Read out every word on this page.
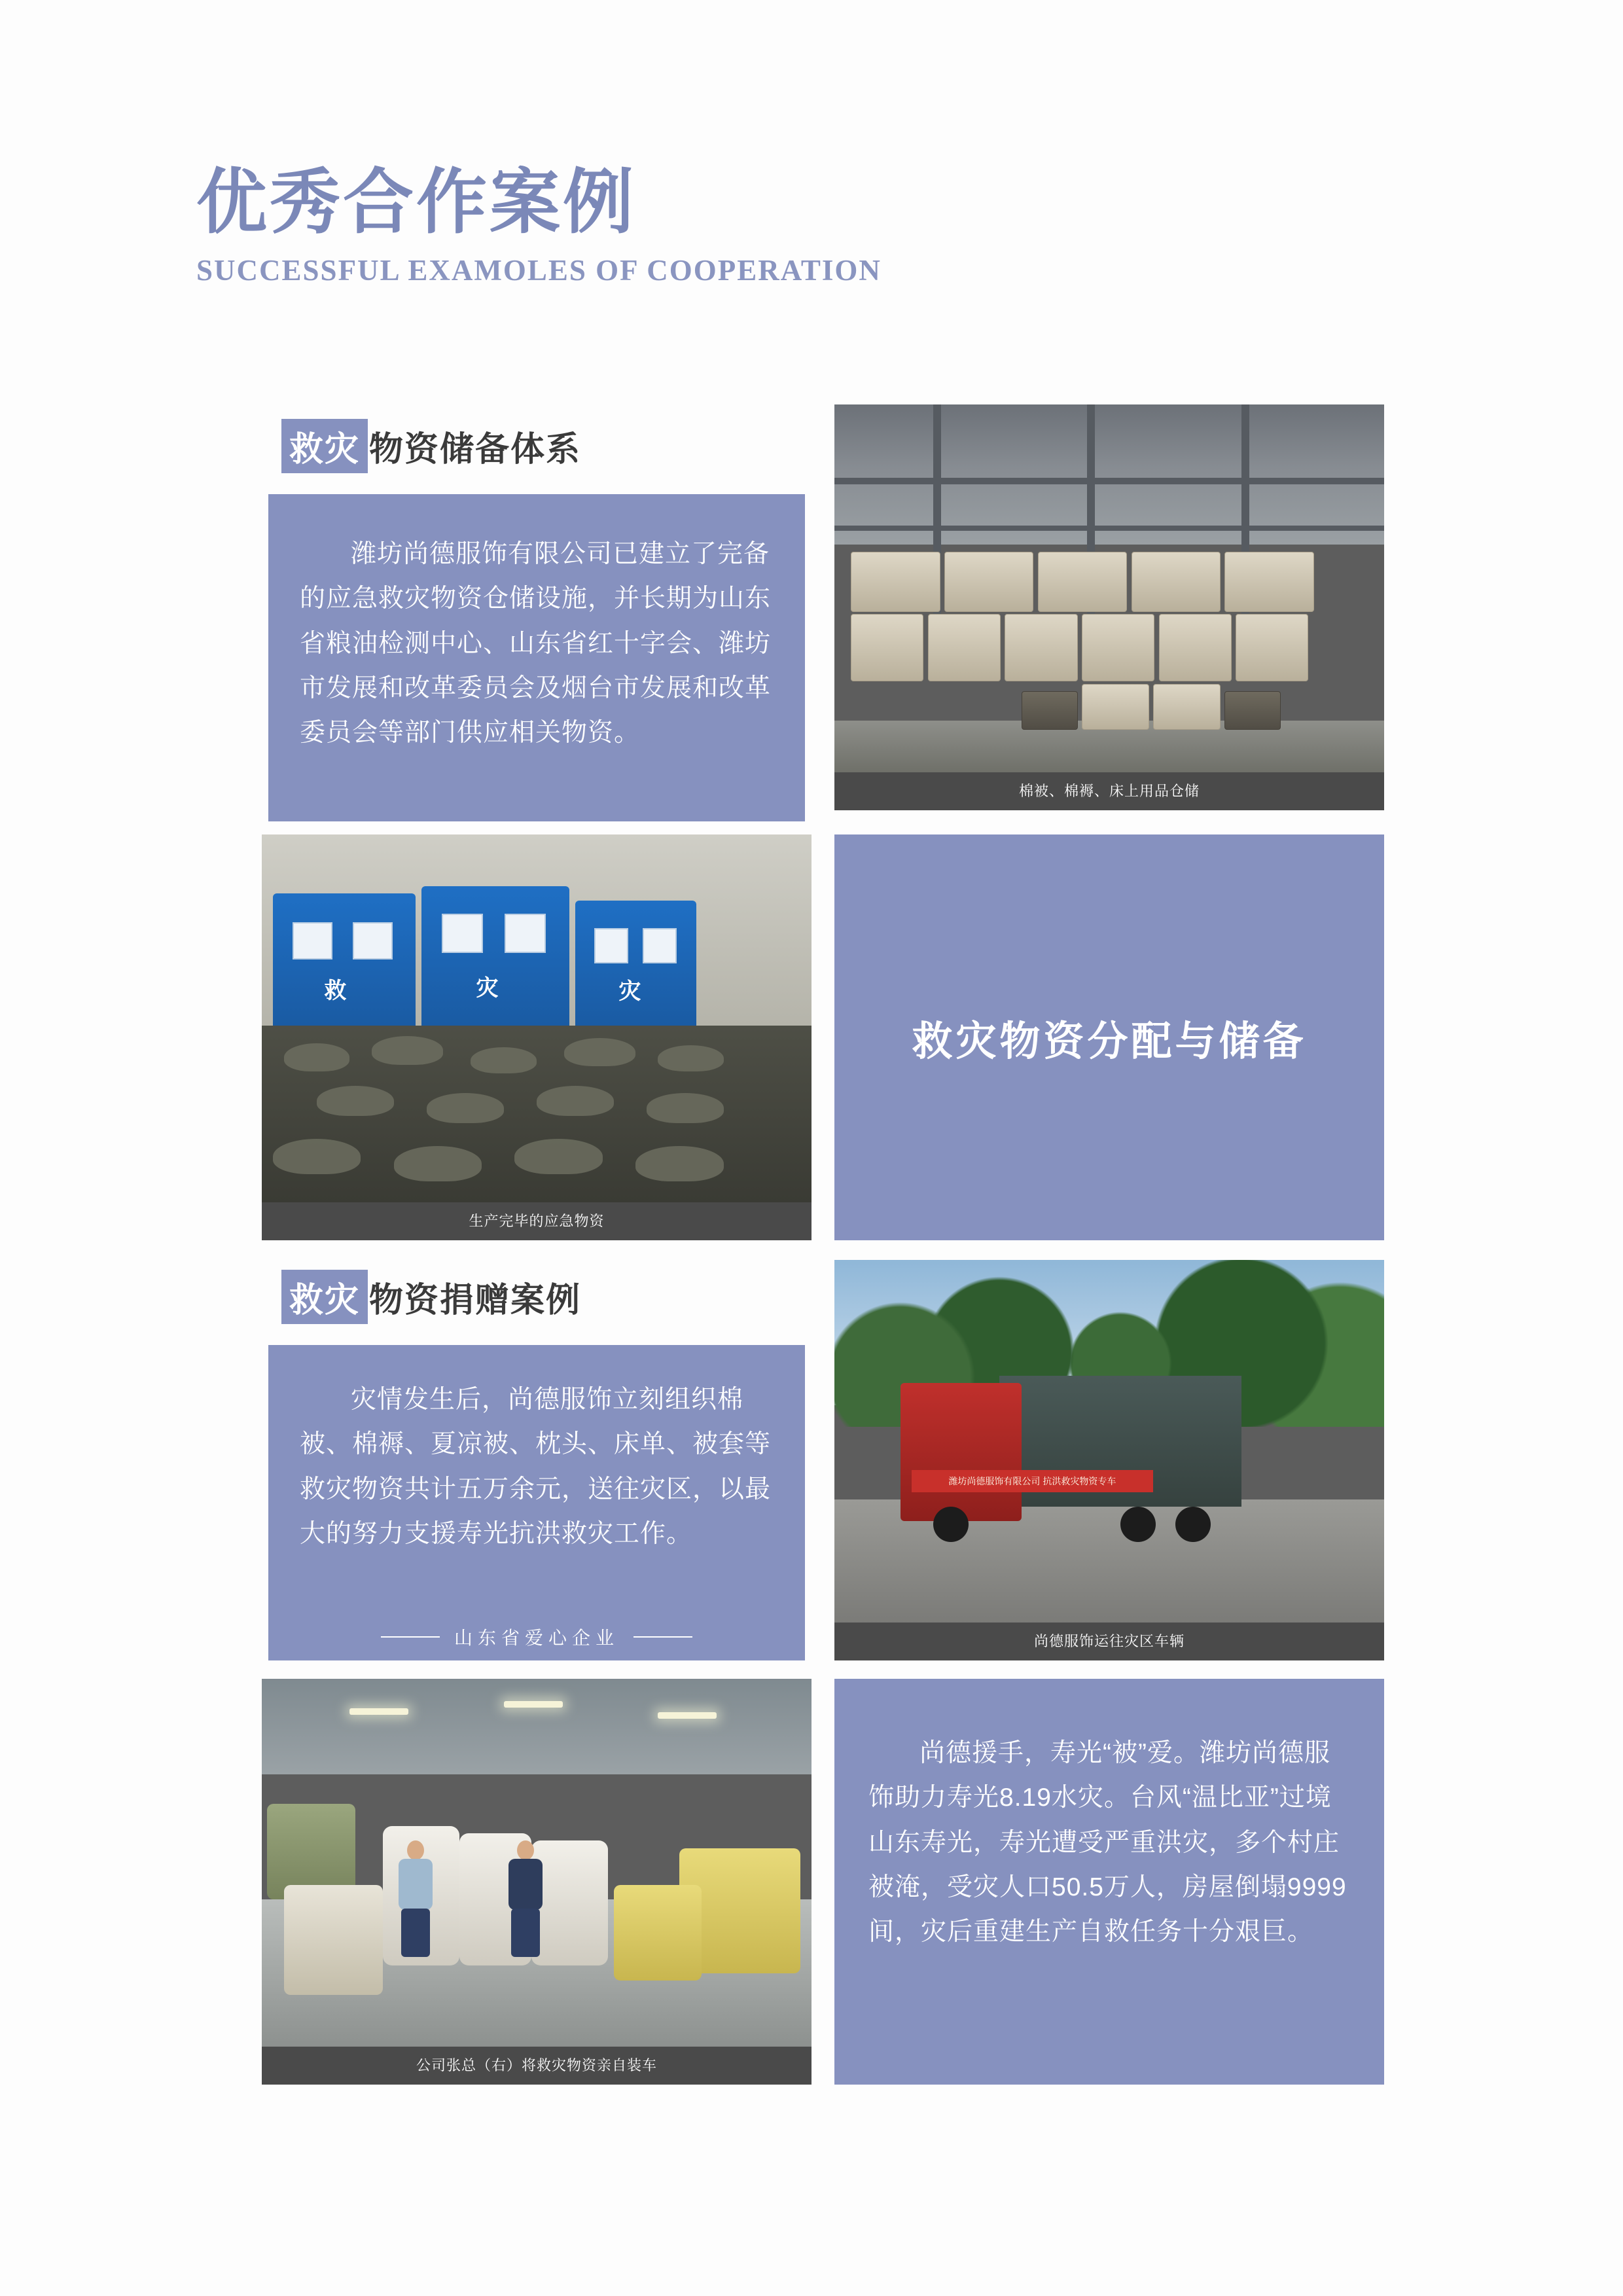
优秀合作案例
SUCCESSFUL EXAMOLES OF COOPERATION
救灾 物资储备体系

潍坊尚德服饰有限公司已建立了完备的应急救灾物资仓储设施，并长期为山东省粮油检测中心、山东省红十字会、潍坊市发展和改革委员会及烟台市发展和改革委员会等部门供应相关物资。

棉被、棉褥、床上用品仓储
救	灾	灾
生产完毕的应急物资
救灾物资分配与储备
救灾 物资捐赠案例

灾情发生后，尚德服饰立刻组织棉被、棉褥、夏凉被、枕头、床单、被套等救灾物资共计五万余元，送往灾区，以最大的努力支援寿光抗洪救灾工作。

山东省爱心企业
潍坊尚德服饰有限公司 抗洪救灾物资专车
尚德服饰运往灾区车辆
公司张总（右）将救灾物资亲自装车

尚德援手，寿光“被”爱。潍坊尚德服饰助力寿光8.19水灾。台风“温比亚”过境山东寿光，寿光遭受严重洪灾，多个村庄被淹，受灾人口50.5万人，房屋倒塌9999间，灾后重建生产自救任务十分艰巨。
